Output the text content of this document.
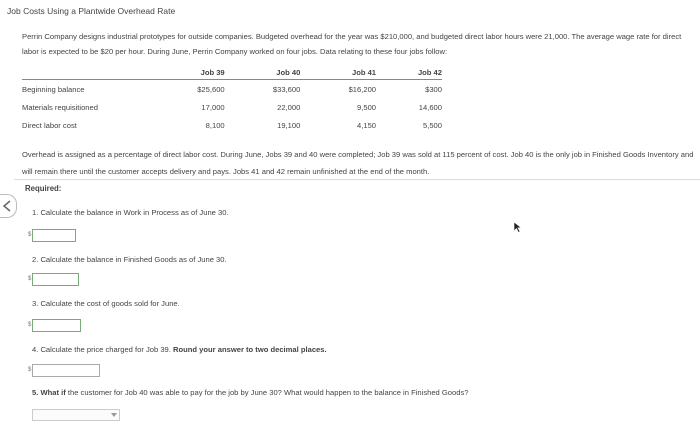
Job Costs Using a Plantwide Overhead Rate
Perrin Company designs industrial prototypes for outside companies. Budgeted overhead for the year was $210,000, and budgeted direct labor hours were 21,000. The average wage rate for direct labor is expected to be $20 per hour. During June, Perrin Company worked on four jobs. Data relating to these four jobs follow:
	Job 39	Job 40	Job 41	Job 42
Beginning balance	$25,600	$33,600	$16,200	$300
Materials requisitioned	17,000	22,000	9,500	14,600
Direct labor cost	8,100	19,100	4,150	5,500
Overhead is assigned as a percentage of direct labor cost. During June, Jobs 39 and 40 were completed; Job 39 was sold at 115 percent of cost. Job 40 is the only job in Finished Goods Inventory and will remain there until the customer accepts delivery and pays. Jobs 41 and 42 remain unfinished at the end of the month.
Required:
1. Calculate the balance in Work in Process as of June 30.
$
2. Calculate the balance in Finished Goods as of June 30.
$
3. Calculate the cost of goods sold for June.
$
4. Calculate the price charged for Job 39. Round your answer to two decimal places.
$
5. What if the customer for Job 40 was able to pay for the job by June 30? What would happen to the balance in Finished Goods?
